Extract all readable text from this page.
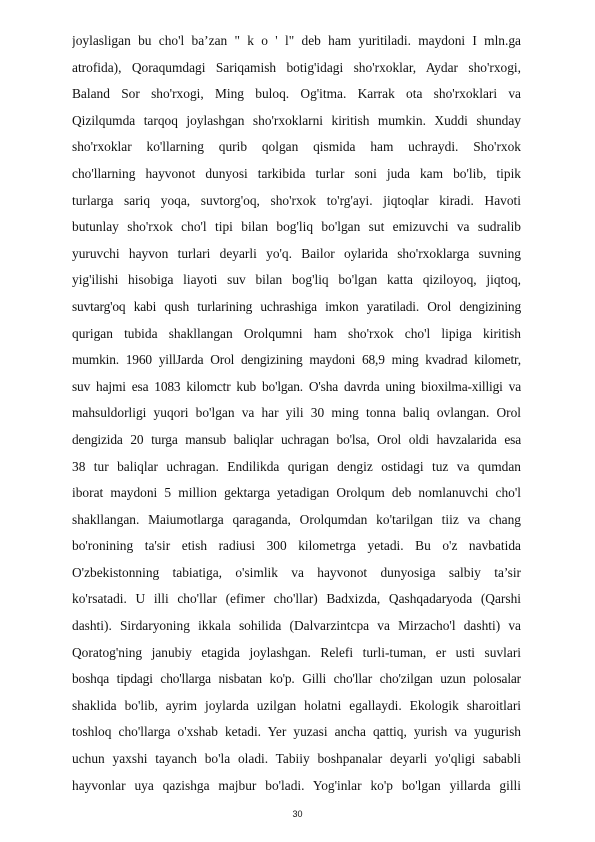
joylasligan bu cho'l ba’zan " k o ' l" deb ham yuritiladi. maydoni I mln.ga
atrofida), Qoraqumdagi Sariqamish botig'idagi sho'rxoklar, Aydar sho'rxogi,
Baland Sor sho'rxogi, Ming buloq. Og'itma. Karrak ota sho'rxoklari va
Qizilqumda tarqoq joylashgan sho'rxoklarni kiritish mumkin. Xuddi shunday
sho'rxoklar ko'llarning qurib qolgan qismida ham uchraydi. Sho'rxok
cho'llarning hayvonot dunyosi tarkibida turlar soni juda kam bo'lib, tipik
turlarga sariq yoqa, suvtorg'oq, sho'rxok to'rg'ayi. jiqtoqlar kiradi. Havoti
butunlay sho'rxok cho'l tipi bilan bog'liq bo'lgan sut emizuvchi va sudralib
yuruvchi hayvon turlari deyarli yo'q. Bailor oylarida sho'rxoklarga suvning
yig'ilishi hisobiga liayoti suv bilan bog'liq bo'lgan katta qiziloyoq, jiqtoq,
suvtarg'oq kabi qush turlarining uchrashiga imkon yaratiladi. Orol dengizining
qurigan tubida shakllangan Orolqumni ham sho'rxok cho'l lipiga kiritish
mumkin. 1960 yillJarda Orol dengizining maydoni 68,9 ming kvadrad kilometr,
suv hajmi esa 1083 kilomctr kub bo'lgan. O'sha davrda uning bioxilma-xilligi va
mahsuldorligi yuqori bo'lgan va har yili 30 ming tonna baliq ovlangan. Orol
dengizida 20 turga mansub baliqlar uchragan bo'lsa, Orol oldi havzalarida esa
38 tur baliqlar uchragan. Endilikda qurigan dengiz ostidagi tuz va qumdan
iborat maydoni 5 million gektarga yetadigan Orolqum deb nomlanuvchi cho'l
shakllangan. Maiumotlarga qaraganda, Orolqumdan ko'tarilgan tiiz va chang
bo'ronining ta'sir etish radiusi 300 kilometrga yetadi. Bu o'z navbatida
O'zbekistonning tabiatiga, o'simlik va hayvonot dunyosiga salbiy ta’sir
ko'rsatadi. U illi cho'llar (efimer cho'llar) Badxizda, Qashqadaryoda (Qarshi
dashti). Sirdaryoning ikkala sohilida (Dalvarzintcpa va Mirzacho'l dashti) va
Qoratog'ning janubiy etagida joylashgan. Relefi turli-tuman, er usti suvlari
boshqa tipdagi cho'llarga nisbatan ko'p. Gilli cho'llar cho'zilgan uzun polosalar
shaklida bo'lib, ayrim joylarda uzilgan holatni egallaydi. Ekologik sharoitlari
toshloq cho'llarga o'xshab ketadi. Yer yuzasi ancha qattiq, yurish va yugurish
uchun yaxshi tayanch bo'la oladi. Tabiiy boshpanalar deyarli yo'qligi sababli
hayvonlar uya qazishga majbur bo'ladi. Yog'inlar ko'p bo'lgan yillarda gilli
30
